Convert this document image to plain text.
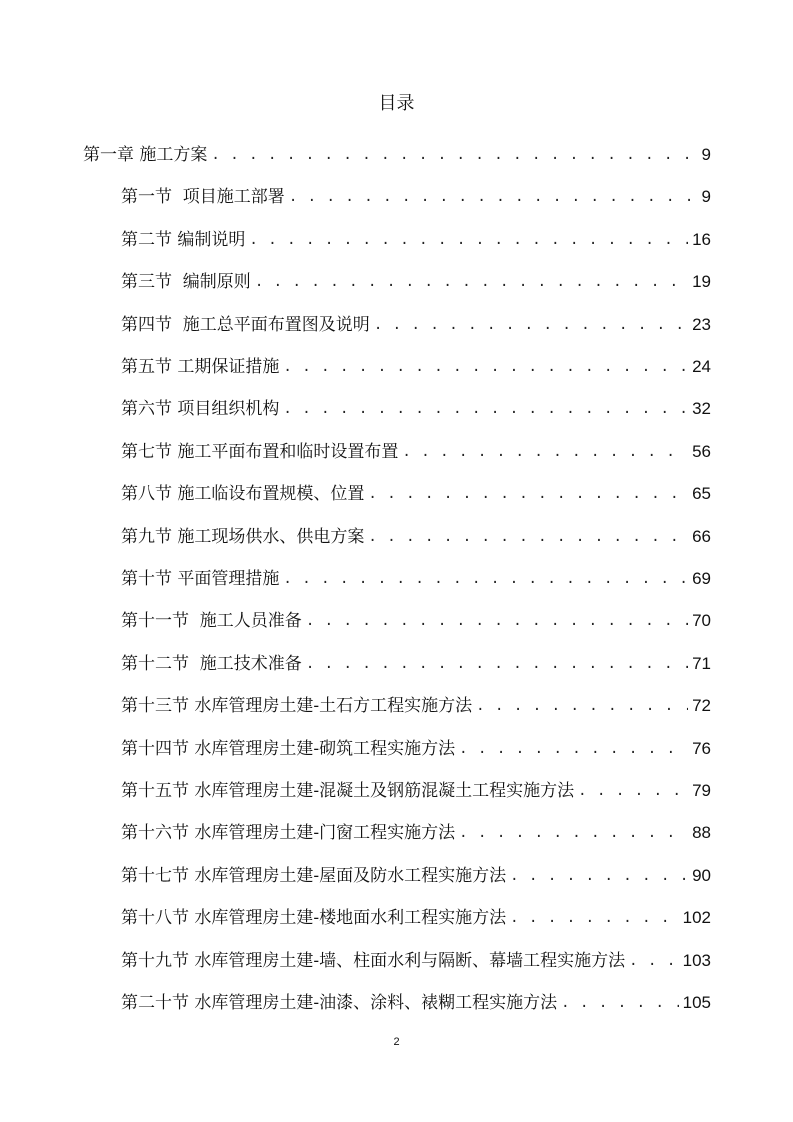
目录
第一章 施工方案 . . .	9
第一节  项目施工部署 . . .	9
第二节 编制说明 . . .	16
第三节  编制原则 . . .	19
第四节  施工总平面布置图及说明 . . .	23
第五节 工期保证措施 . . .	24
第六节 项目组织机构 . . .	32
第七节 施工平面布置和临时设置布置 . . .	56
第八节 施工临设布置规模、位置 . . .	65
第九节 施工现场供水、供电方案 . . .	66
第十节 平面管理措施 . . .	69
第十一节  施工人员准备 . . .	70
第十二节  施工技术准备 . . .	71
第十三节 水库管理房土建-土石方工程实施方法 . . .	72
第十四节 水库管理房土建-砌筑工程实施方法 . . .	76
第十五节 水库管理房土建-混凝土及钢筋混凝土工程实施方法 . . .	79
第十六节 水库管理房土建-门窗工程实施方法 . . .	88
第十七节 水库管理房土建-屋面及防水工程实施方法 . . .	90
第十八节 水库管理房土建-楼地面水利工程实施方法 . . .	102
第十九节 水库管理房土建-墙、柱面水利与隔断、幕墙工程实施方法 . . .	103
第二十节 水库管理房土建-油漆、涂料、裱糊工程实施方法 . . .	105
2
